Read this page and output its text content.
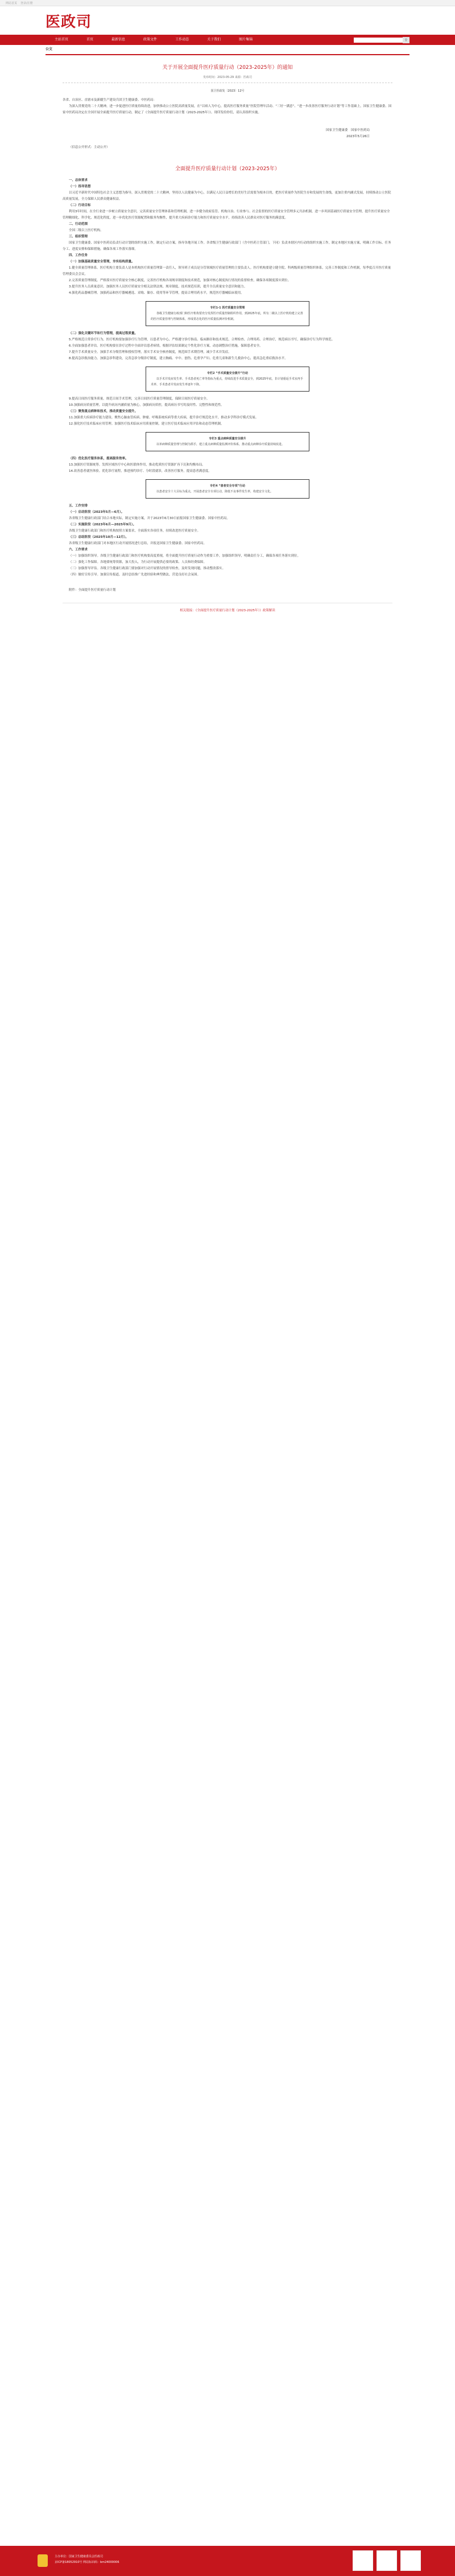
网站首页 登录/注册
医政司
主站首页	首页	最新信息	政策文件	工作动态	关于我们	图片集锦	⚲
公文
关于开展全面提升医疗质量行动（2023-2025年）的通知
发布时间：2023-05-29 来源：医政司
国卫医政发〔2023〕12号

各省、自治区、直辖市及新疆生产建设兵团卫生健康委、中医药局：

为深入贯彻党的二十大精神，进一步促进医疗质量持续改进，加快推动公立医院高质量发展，在“以病人为中心，提高医疗服务质量”医院管理年活动、“三好一满意”、“进一步改善医疗服务行动计划”等工作基础上，国家卫生健康委、国家中医药局决定在全国开展全面提升医疗质量行动，制定了《全面提升医疗质量行动计划（2023-2025年）》。现印发给你们，请认真组织实施。

国家卫生健康委　国家中医药局

2023年5月26日

（信息公开形式：主动公开）

全面提升医疗质量行动计划（2023-2025年）

一、总体要求

（一）指导思想

以习近平新时代中国特色社会主义思想为指导，深入贯彻党的二十大精神，坚持以人民健康为中心，以满足人民日益增长的美好生活需要为根本目的，把医疗质量作为医院生存和发展的生命线，更加注重内涵式发展，持续推动公立医院高质量发展，全力保障人民群众健康权益。

（二）行动目标

利用3年时间，在全行业进一步树立质量安全意识，完善质量安全管理体系和管理机制，进一步健全政府监管、机构自治、行业参与、社会监督的医疗质量安全管理多元共治机制，进一步巩固基础医疗质量安全管理，提升医疗质量安全管理精细化、科学化、规范化程度，进一步优化医疗资源配置和服务均衡性，提升重大疾病诊疗能力和医疗质量安全水平，持续改善人民群众对医疗服务的满意度。

二、行动范围

全国二级以上医疗机构。

三、组织管理

国家卫生健康委、国家中医药局负责行动计划的组织实施工作，制定行动方案，指导各地开展工作。各省级卫生健康行政部门（含中医药主管部门，下同）负责本辖区内行动的组织实施工作，制定本地区实施方案，明确工作目标、任务分工、进度安排和保障措施，确保各项工作落实落细。

四、工作任务

（一）加强基础质量安全管理，夯实结构质量。

1.健全质量管理体系。医疗机构主要负责人是本机构医疗质量管理第一责任人，领导班子成员是分管领域医疗质量管理的主要负责人。医疗机构要建立健全院、科两级质量管理组织体系，完善工作制度和工作机制，每季度召开医疗质量管理委员会会议。

2.完善质量管理制度。严格落实医疗质量安全核心制度，完善医疗机构各项规章制度和技术规范，加强对核心制度执行情况的监督检查，确保各项制度落实到位。

3.提升医务人员质量意识。加强医务人员医疗质量安全相关法律法规、规章制度、技术规范培训，提升全员质量安全意识和能力。

4.强化药品器械管理。加强药品和医疗器械遴选、采购、储存、使用等环节管理，提高合理用药水平，规范医疗器械临床使用。

专栏1-1 医疗质量安全管理

各级卫生健康行政部门和医疗机构要充分发挥医疗质量控制组织作用，到2025年底，所有二级以上医疗机构建立完善的医疗质量管理与控制体系，形成常态化的医疗质量监测评价机制。

（二）强化关键环节和行为管理，提高过程质量。

5.严格规范日常诊疗行为。医疗机构要加强诊疗行为管理，以患者为中心，严格遵守诊疗指南、临床路径和技术规范，合理检查、合理用药、合理治疗，规范病历书写，确保诊疗行为科学规范。

6.全面加强患者评估。医疗机构要在诊疗过程中全面评估患者病情，根据评估结果制定个性化诊疗方案，动态调整治疗措施，保障患者安全。

7.提升手术质量安全。加强手术分级管理和授权管理，落实手术安全核查制度，规范围手术期管理，减少手术并发症。

8.提高急诊救治能力。加强急诊科建设，完善急诊分级诊疗制度，建立胸痛、卒中、创伤、危重孕产妇、危重儿童和新生儿救治中心，提高急危重症救治水平。

专栏2 “手术质量安全提升”行动

以手术并发症发生率、手术患者死亡率等指标为重点，持续改进手术质量安全，到2025年底，非计划重返手术室再手术率、手术患者并发症发生率逐年下降。

9.提高日间医疗服务质量。规范日间手术管理，完善日间医疗质量管理制度，保障日间医疗质量安全。

10.加强病历质量管理。以提升病历内涵质量为核心，加强病历质控，提高病历书写的及时性、完整性和规范性。

（三）聚焦重点病种和技术，推动质量安全提升。

11.加强重大疾病诊疗能力建设。聚焦心脑血管疾病、肿瘤、呼吸系统疾病等重大疾病，提升诊疗规范化水平，推动多学科诊疗模式发展。

12.强化医疗技术临床应用管理。加强医疗技术临床应用质量控制，建立医疗技术临床应用评估和动态管理机制。

专栏3 重点病种质量安全提升

以单病种质量管理与控制为抓手，建立重点病种质量监测评价体系，推动重点病种诊疗质量持续改进。

（四）优化医疗服务体系，提高服务效率。

13.加强医疗资源统筹。发挥区域医疗中心和医联体作用，推动优质医疗资源扩容下沉和均衡布局。

14.改善患者就医体验。优化诊疗流程，推进预约诊疗、分时段就诊，改善医疗服务，提高患者满意度。

专栏4 “患者安全专项”行动

以患者安全十大目标为重点，开展患者安全专项行动，降低不良事件发生率，构建安全文化。

五、工作安排

（一）启动阶段（2023年5月—6月）。

各省级卫生健康行政部门结合本地实际，制定实施方案，并于2023年6月30日前报国家卫生健康委、国家中医药局。

（二）实施阶段（2023年6月—2025年9月）。

各级卫生健康行政部门和医疗机构按照方案要求，全面落实各项任务，持续改进医疗质量安全。

（三）总结阶段（2025年10月—12月）。

各省级卫生健康行政部门对本地区行动开展情况进行总结，并报送国家卫生健康委、国家中医药局。

六、工作要求

（一）加强组织领导。各级卫生健康行政部门和医疗机构要高度重视，将全面提升医疗质量行动作为重要工作，加强组织领导，明确责任分工，确保各项任务落实到位。

（二）强化工作保障。各地要统筹资源，加大投入，为行动开展提供必要的政策、人员和经费保障。

（三）加强督导评估。各级卫生健康行政部门要加强对行动开展情况的督导检查，及时发现问题，推动整改落实。

（四）做好宣传引导。加强宣传报道，及时总结推广先进经验和典型做法，营造良好社会氛围。

附件：全面提升医疗质量行动计划

相关链接：《全面提升医疗质量行动计划（2023-2025年）》政策解读
主办单位：国家卫生健康委员会医政司
京ICP备18052910号 网站标识码：bm24000006
